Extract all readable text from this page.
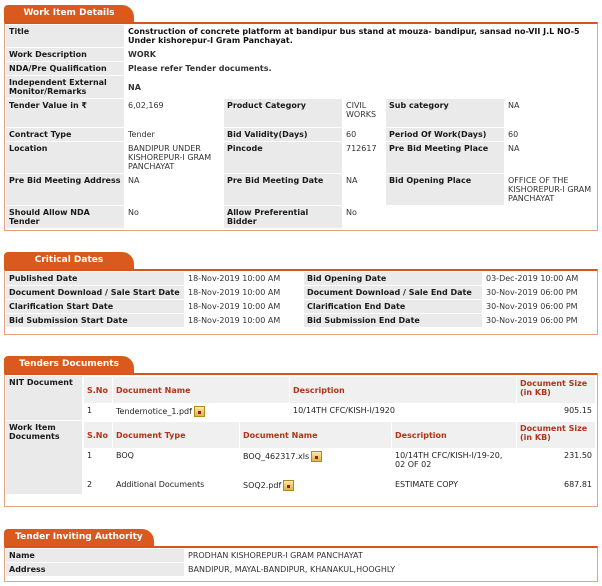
Work Item Details
Title	Construction of concrete platform at bandipur bus stand at mouza- bandipur, sansad no-VII J.L NO-5 Under kishorepur-I Gram Panchayat.				
Work Description	WORK				
NDA/Pre Qualification	Please refer Tender documents.				
Independent External Monitor/Remarks	NA				
Tender Value in ₹	6,02,169	Product Category	CIVIL WORKS	Sub category	NA
Contract Type	Tender	Bid Validity(Days)	60	Period Of Work(Days)	60
Location	BANDIPUR UNDER KISHOREPUR-I GRAM PANCHAYAT	Pincode	712617	Pre Bid Meeting Place	NA
Pre Bid Meeting Address	NA	Pre Bid Meeting Date	NA	Bid Opening Place	OFFICE OF THE KISHOREPUR-I GRAM PANCHAYAT
Should Allow NDA Tender	No	Allow Preferential Bidder	No		
Critical Dates
Published Date	18-Nov-2019 10:00 AM	Bid Opening Date	03-Dec-2019 10:00 AM
Document Download / Sale Start Date	18-Nov-2019 10:00 AM	Document Download / Sale End Date	30-Nov-2019 06:00 PM
Clarification Start Date	18-Nov-2019 10:00 AM	Clarification End Date	30-Nov-2019 06:00 PM
Bid Submission Start Date	18-Nov-2019 10:00 AM	Bid Submission End Date	30-Nov-2019 06:00 PM
Tenders Documents
NIT Document	
S.No	Document Name	Description	Document Size (in KB)
1	Tendernotice_1.pdf	10/14TH CFC/KISH-I/1920	905.15

Work Item Documents		S.No	Document Type	Document Name	Description	Document Size (in KB)
1	BOQ	BOQ_462317.xls	10/14TH CFC/KISH-I/19-20, 02 OF 02	231.50
2	Additional Documents	SOQ2.pdf	ESTIMATE COPY	687.81
Tender Inviting Authority
Name	PRODHAN KISHOREPUR-I GRAM PANCHAYAT
Address	BANDIPUR, MAYAL-BANDIPUR, KHANAKUL,HOOGHLY
